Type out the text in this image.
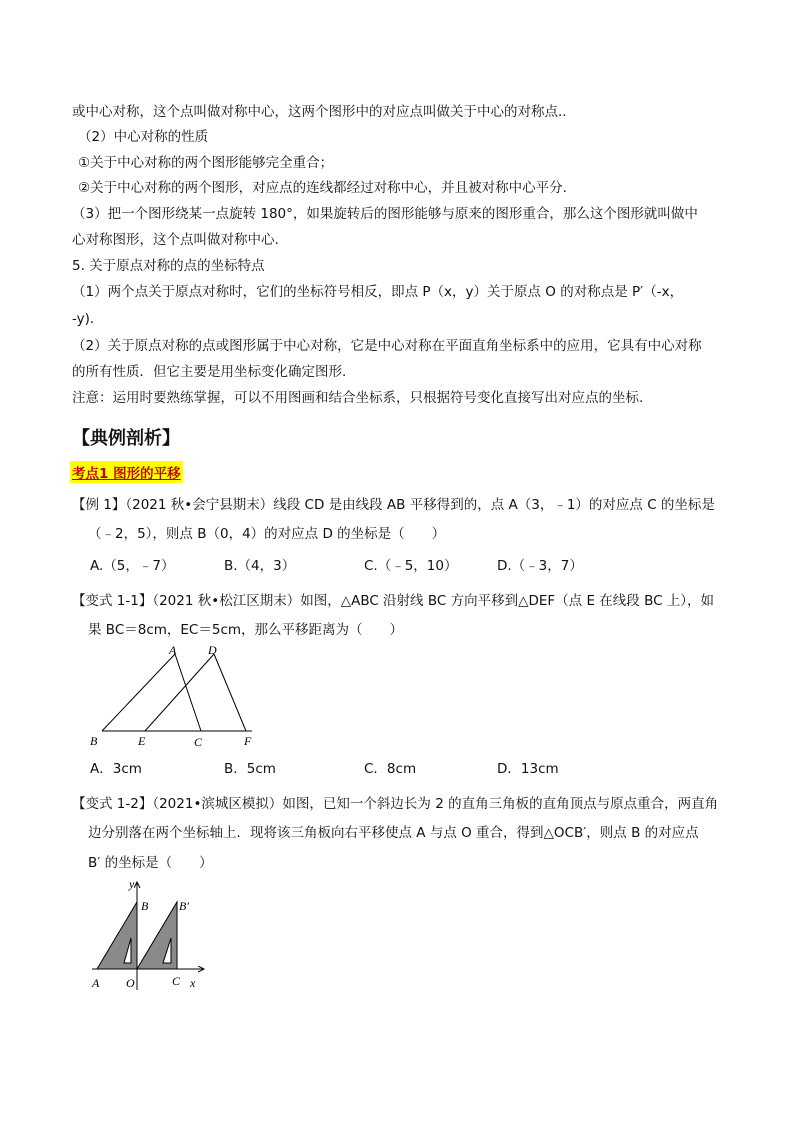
或中心对称，这个点叫做对称中心，这两个图形中的对应点叫做关于中心的对称点..
（2）中心对称的性质
①关于中心对称的两个图形能够完全重合；
②关于中心对称的两个图形，对应点的连线都经过对称中心，并且被对称中心平分.
（3）把一个图形绕某一点旋转 180°，如果旋转后的图形能够与原来的图形重合，那么这个图形就叫做中
心对称图形，这个点叫做对称中心.
5. 关于原点对称的点的坐标特点
（1）两个点关于原点对称时，它们的坐标符号相反，即点 P（x，y）关于原点 O 的对称点是 P′（-x，
-y).
（2）关于原点对称的点或图形属于中心对称，它是中心对称在平面直角坐标系中的应用，它具有中心对称
的所有性质．但它主要是用坐标变化确定图形.
注意：运用时要熟练掌握，可以不用图画和结合坐标系，只根据符号变化直接写出对应点的坐标.
【典例剖析】
考点1 图形的平移
【例 1】（2021 秋•会宁县期末）线段 CD 是由线段 AB 平移得到的，点 A（3，﹣1）的对应点 C 的坐标是
（﹣2，5），则点 B（0，4）的对应点 D 的坐标是（　　）
A.（5，﹣7）	B.（4，3）	C.（﹣5，10）	D.（﹣3，7）
【变式 1-1】（2021 秋•松江区期末）如图，△ABC 沿射线 BC 方向平移到△DEF（点 E 在线段 BC 上），如
果 BC＝8cm，EC＝5cm，那么平移距离为（　　）
A	D
B	E	C	F
A．3cm	B．5cm	C．8cm	D．13cm
【变式 1-2】（2021•滨城区模拟）如图，已知一个斜边长为 2 的直角三角板的直角顶点与原点重合，两直角
边分别落在两个坐标轴上．现将该三角板向右平移使点 A 与点 O 重合，得到△OCB′，则点 B 的对应点
B′ 的坐标是（　　）
y
B	B′
A O	C x
